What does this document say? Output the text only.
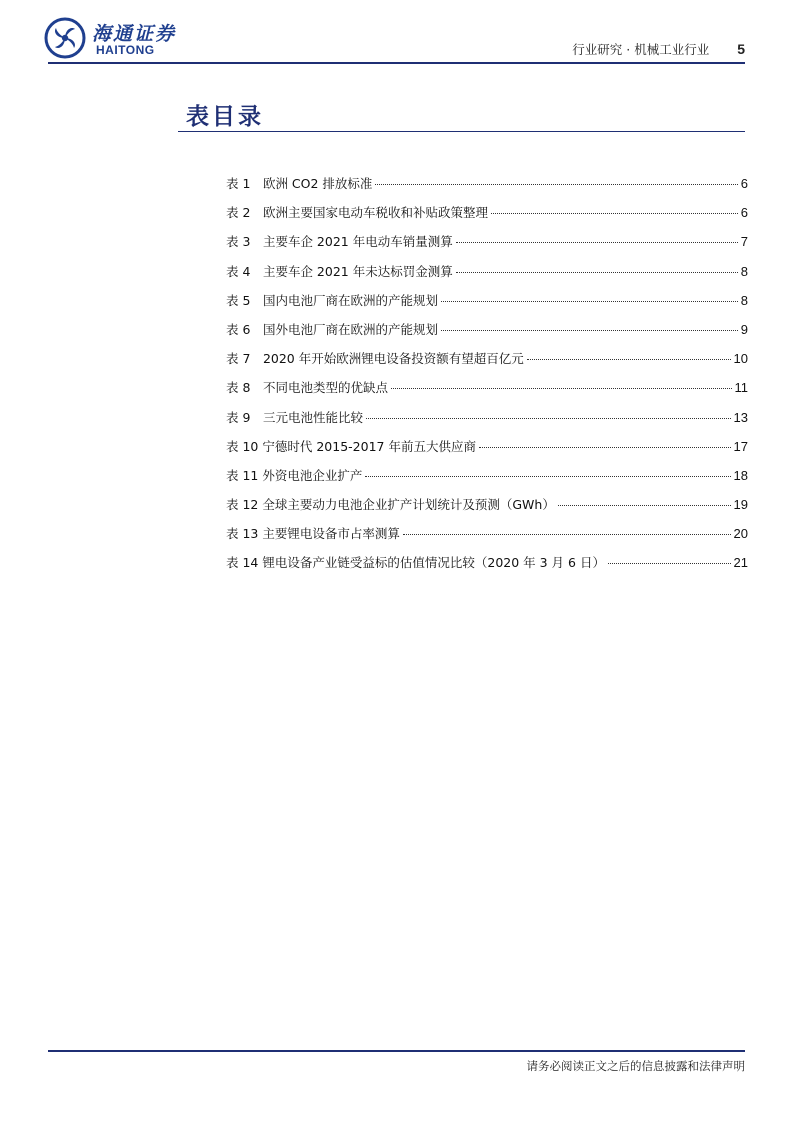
海通证券
HAITONG	行业研究 · 机械工业行业 5
表目录
表 1  欧洲 CO2 排放标准	6
表 2  欧洲主要国家电动车税收和补贴政策整理	6
表 3  主要车企 2021 年电动车销量测算	7
表 4  主要车企 2021 年未达标罚金测算	8
表 5  国内电池厂商在欧洲的产能规划	8
表 6  国外电池厂商在欧洲的产能规划	9
表 7  2020 年开始欧洲锂电设备投资额有望超百亿元	10
表 8  不同电池类型的优缺点	11
表 9  三元电池性能比较	13
表 10 宁德时代 2015-2017 年前五大供应商	17
表 11 外资电池企业扩产	18
表 12 全球主要动力电池企业扩产计划统计及预测（GWh）	19
表 13 主要锂电设备市占率测算	20
表 14 锂电设备产业链受益标的估值情况比较（2020 年 3 月 6 日）	21
请务必阅读正文之后的信息披露和法律声明
